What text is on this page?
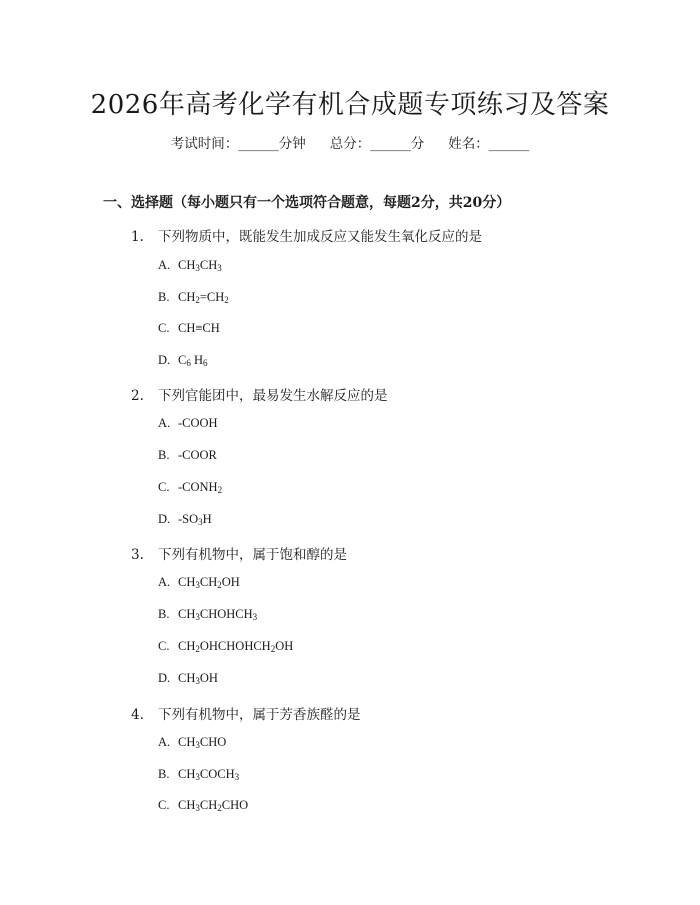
2026年高考化学有机合成题专项练习及答案
考试时间：______分钟 总分：______分 姓名：______
一、选择题（每小题只有一个选项符合题意，每题2分，共20分）
1. 下列物质中，既能发生加成反应又能发生氧化反应的是
A. $CH_3CH_3$
B. $CH_2=CH_2$
C. CH≡CH
D. $C_6$ $H_6$
2. 下列官能团中，最易发生水解反应的是
A. -COOH
B. -COOR
C. $-CONH_2$
D. $-SO_3H$
3. 下列有机物中，属于饱和醇的是
A. $CH_3CH_2OH$
B. $CH_3CHOHCH_3$
C. $CH_2OHCHOHCH_2OH$
D. $CH_3OH$
4. 下列有机物中，属于芳香族醛的是
A. $CH_3CHO$
B. $CH_3COCH_3$
C. $CH_3CH_2CHO$
